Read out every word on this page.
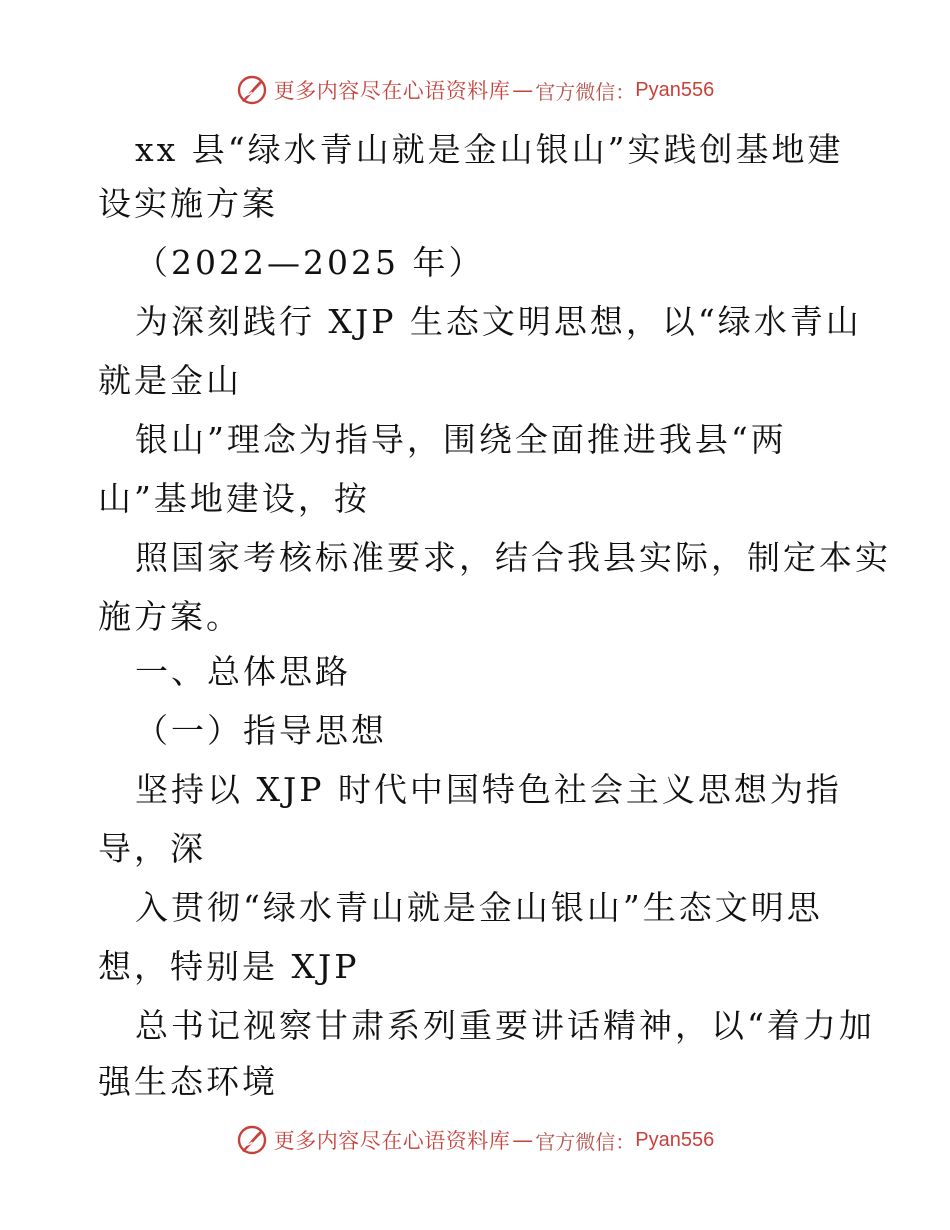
更多内容尽在心语资料库 — 官方微信： Pyan556
xx 县“绿水青山就是金山银山”实践创基地建
设实施方案
（2022—2025 年）
为深刻践行 XJP 生态文明思想，以“绿水青山
就是金山
银山”理念为指导，围绕全面推进我县“两
山”基地建设，按
照国家考核标准要求，结合我县实际，制定本实
施方案。
一、总体思路
（一）指导思想
坚持以 XJP 时代中国特色社会主义思想为指
导，深
入贯彻“绿水青山就是金山银山”生态文明思
想，特别是 XJP
总书记视察甘肃系列重要讲话精神，以“着力加
强生态环境
更多内容尽在心语资料库 — 官方微信： Pyan556
